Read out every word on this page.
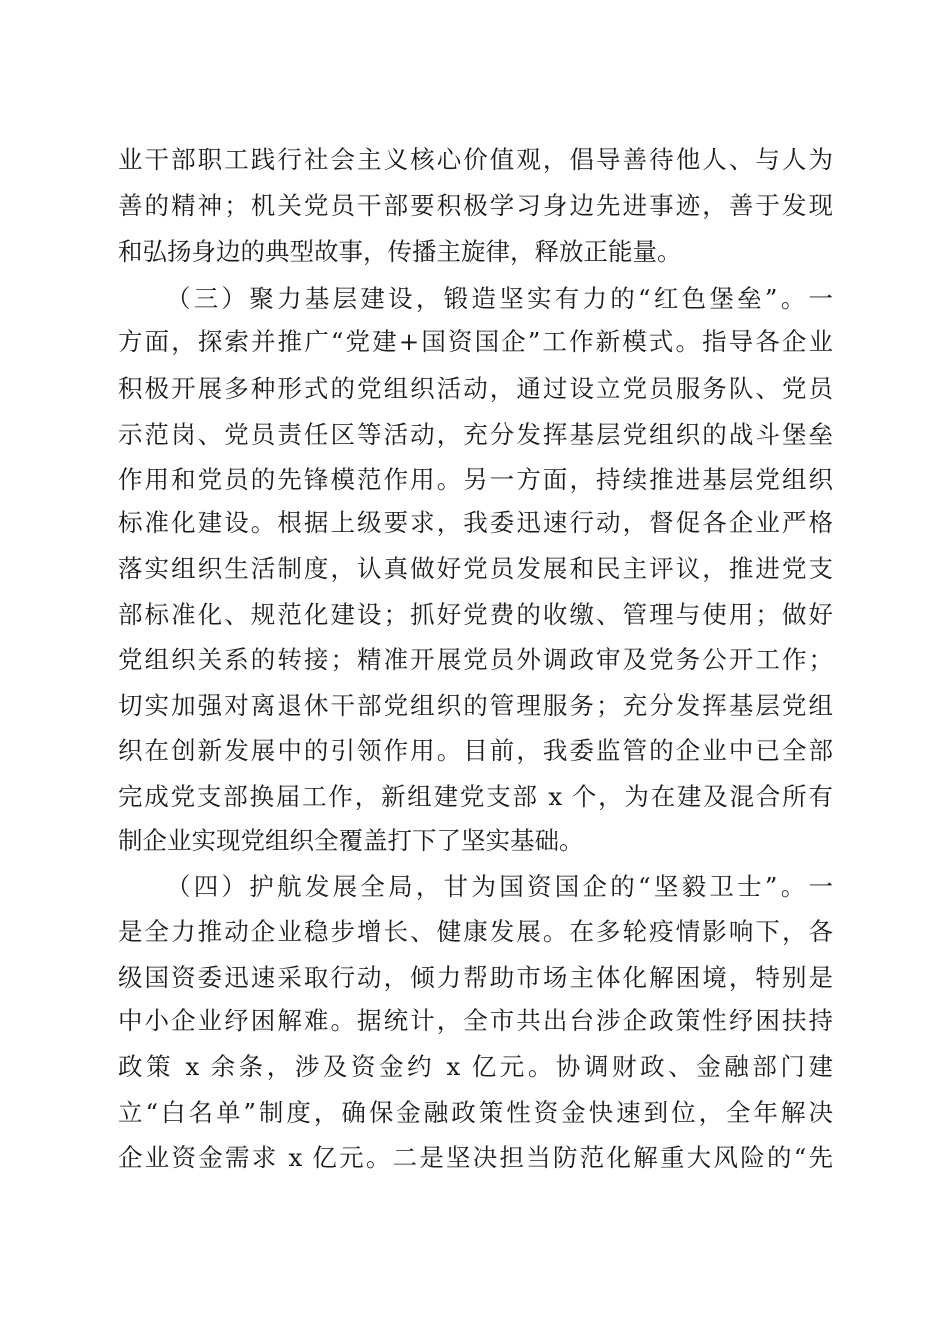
业干部职工践行社会主义核心价值观，倡导善待他人、与人为
善的精神；机关党员干部要积极学习身边先进事迹，善于发现
和弘扬身边的典型故事，传播主旋律，释放正能量。
（三）聚力基层建设，锻造坚实有力的“红色堡垒”。一
方面，探索并推广“党建+国资国企”工作新模式。指导各企业
积极开展多种形式的党组织活动，通过设立党员服务队、党员
示范岗、党员责任区等活动，充分发挥基层党组织的战斗堡垒
作用和党员的先锋模范作用。另一方面，持续推进基层党组织
标准化建设。根据上级要求，我委迅速行动，督促各企业严格
落实组织生活制度，认真做好党员发展和民主评议，推进党支
部标准化、规范化建设；抓好党费的收缴、管理与使用；做好
党组织关系的转接；精准开展党员外调政审及党务公开工作；
切实加强对离退休干部党组织的管理服务；充分发挥基层党组
织在创新发展中的引领作用。目前，我委监管的企业中已全部
完成党支部换届工作，新组建党支部 x 个，为在建及混合所有
制企业实现党组织全覆盖打下了坚实基础。
（四）护航发展全局，甘为国资国企的“坚毅卫士”。一
是全力推动企业稳步增长、健康发展。在多轮疫情影响下，各
级国资委迅速采取行动，倾力帮助市场主体化解困境，特别是
中小企业纾困解难。据统计，全市共出台涉企政策性纾困扶持
政策 x 余条，涉及资金约 x 亿元。协调财政、金融部门建
立“白名单”制度，确保金融政策性资金快速到位，全年解决
企业资金需求 x 亿元。二是坚决担当防范化解重大风险的“先
